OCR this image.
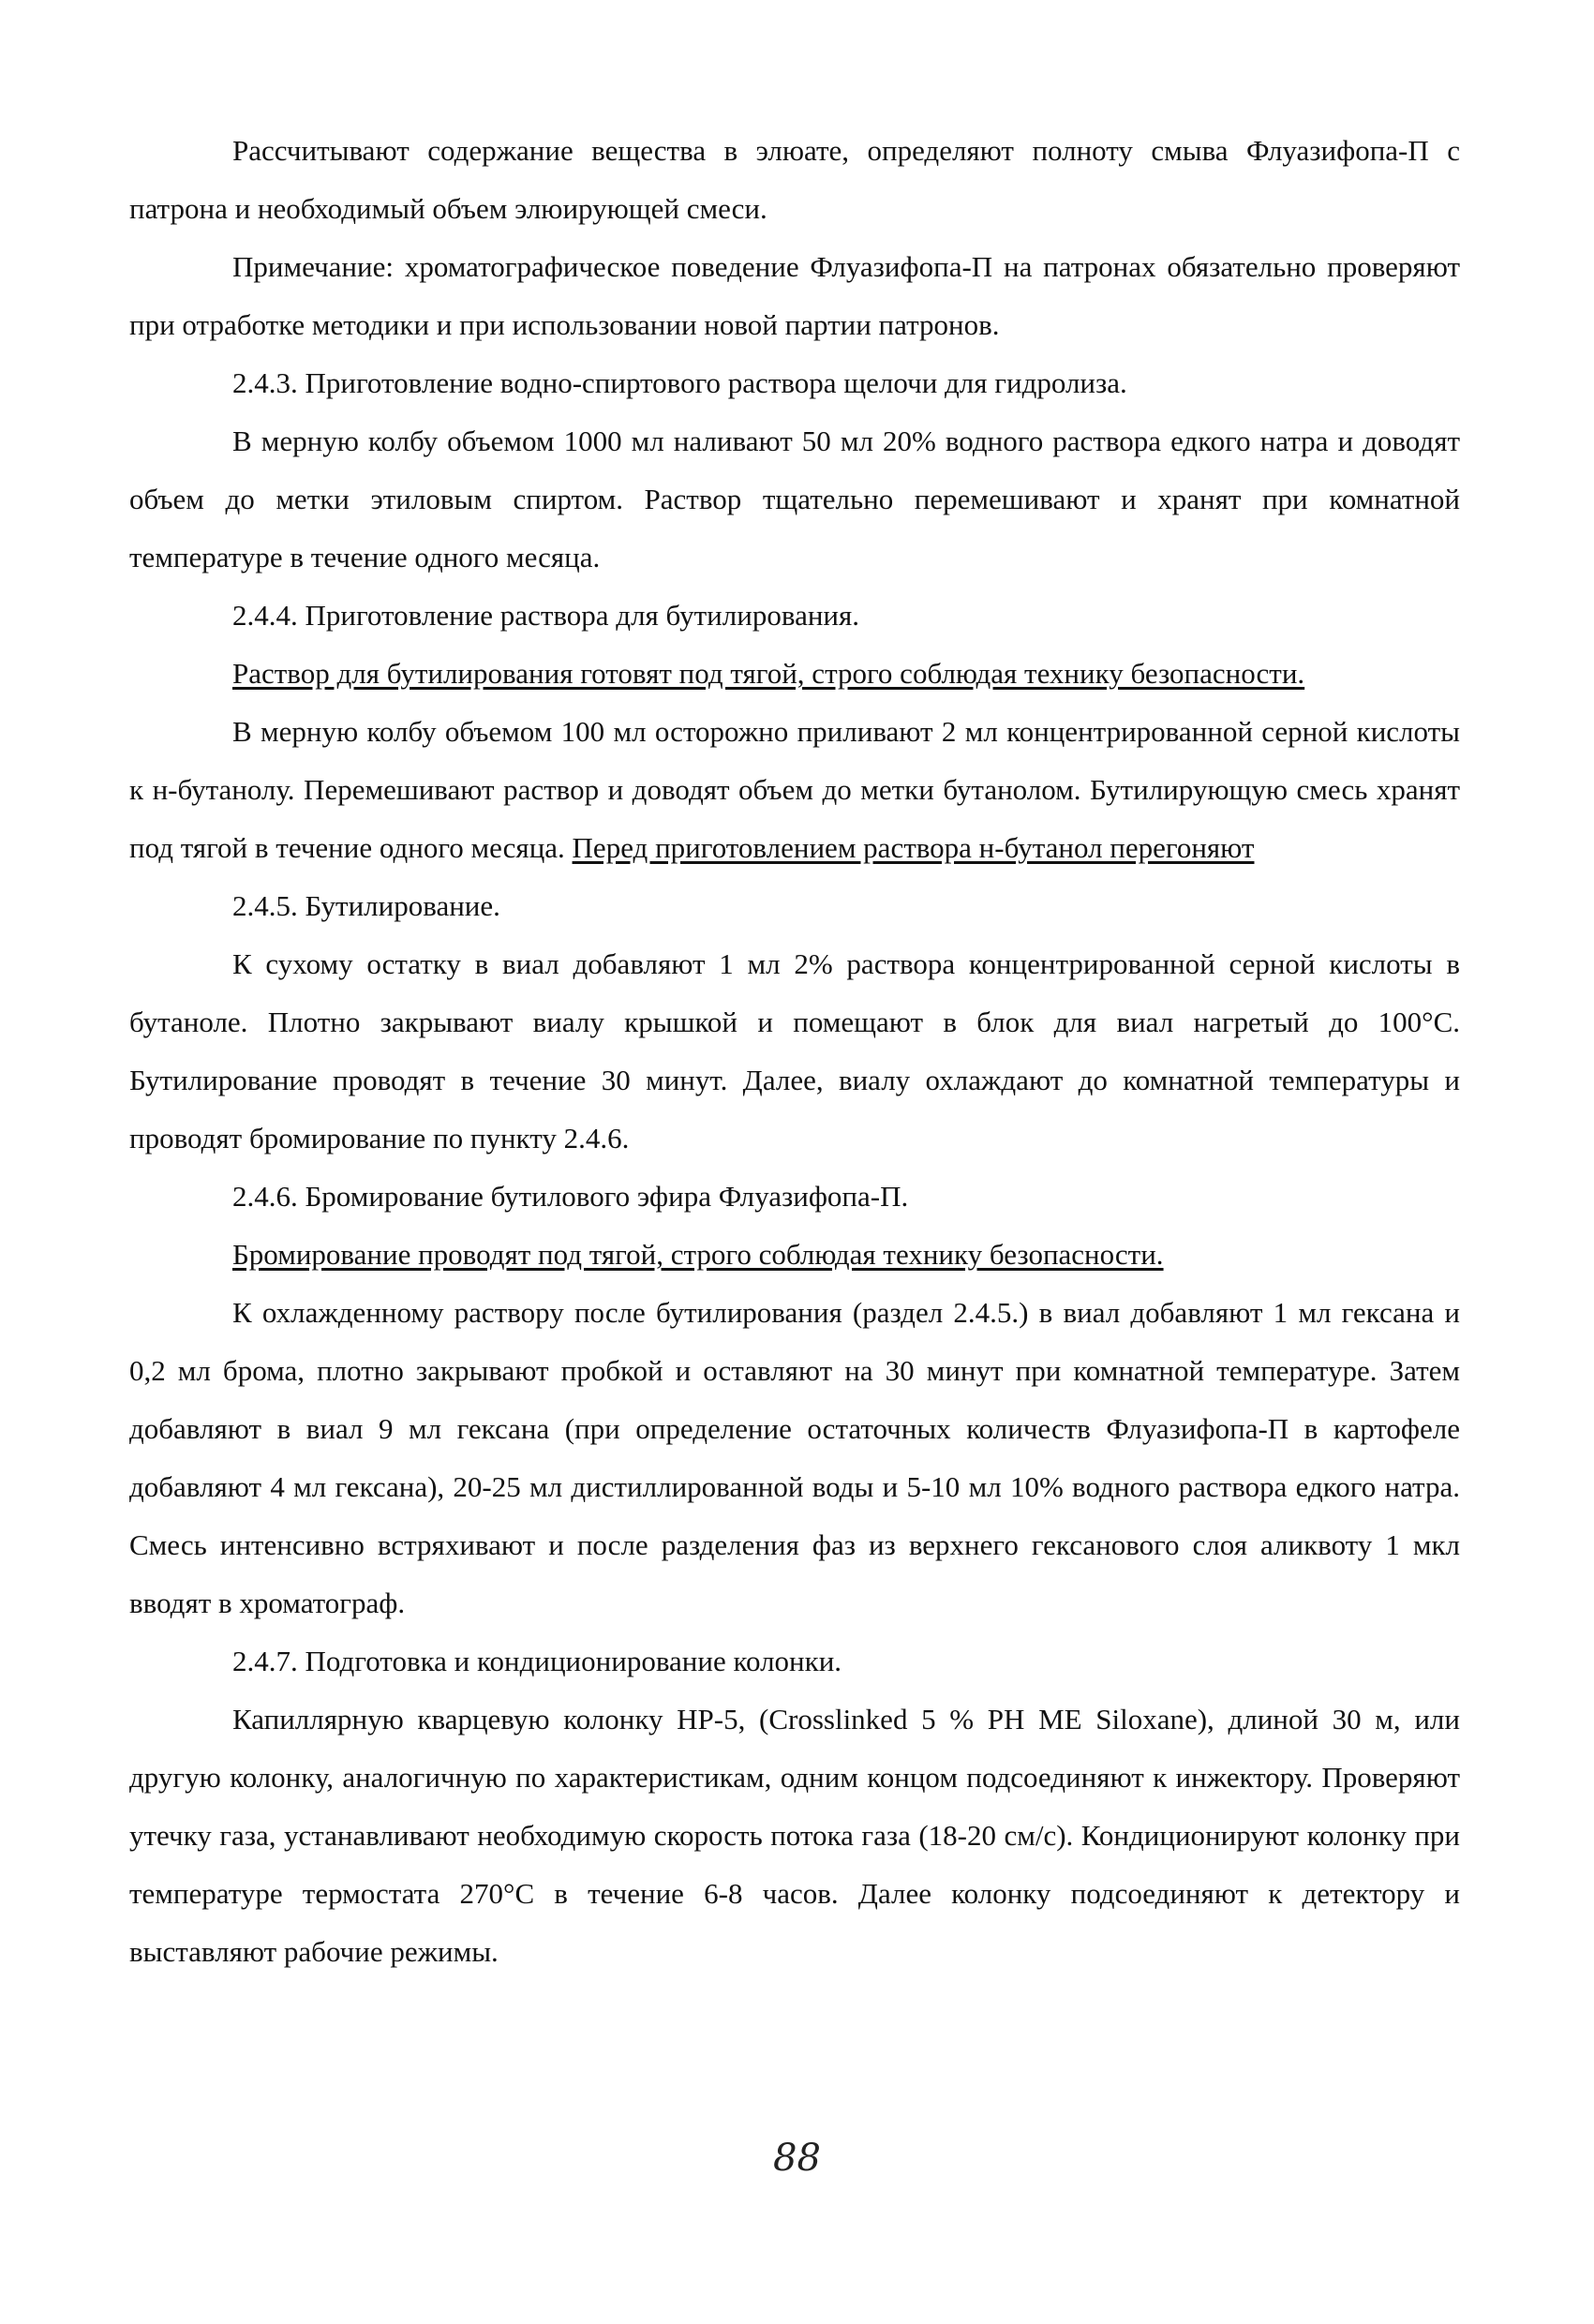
Рассчитывают содержание вещества в элюате, определяют полноту смыва Флуазифопа-П с патрона и необходимый объем элюирующей смеси.

Примечание: хроматографическое поведение Флуазифопа-П на патронах обязательно проверяют при отработке методики и при использовании новой партии патронов.

2.4.3. Приготовление водно-спиртового раствора щелочи для гидролиза.

В мерную колбу объемом 1000 мл наливают 50 мл 20% водного раствора едкого натра и доводят объем до метки этиловым спиртом. Раствор тщательно перемешивают и хранят при комнатной температуре в течение одного месяца.

2.4.4. Приготовление раствора для бутилирования.

Раствор для бутилирования готовят под тягой, строго соблюдая технику безопасности.

В мерную колбу объемом 100 мл осторожно приливают 2 мл концентрированной серной кислоты к н-бутанолу. Перемешивают раствор и доводят объем до метки бутанолом. Бутилирующую смесь хранят под тягой в течение одного месяца. Перед приготовлением раствора н-бутанол перегоняют

2.4.5. Бутилирование.

К сухому остатку в виал добавляют 1 мл 2% раствора концентрированной серной кислоты в бутаноле. Плотно закрывают виалу крышкой и помещают в блок для виал нагретый до 100°С. Бутилирование проводят в течение 30 минут. Далее, виалу охлаждают до комнатной температуры и проводят бромирование по пункту 2.4.6.

2.4.6. Бромирование бутилового эфира Флуазифопа-П.

Бромирование проводят под тягой, строго соблюдая технику безопасности.

К охлажденному раствору после бутилирования (раздел 2.4.5.) в виал добавляют 1 мл гексана и 0,2 мл брома, плотно закрывают пробкой и оставляют на 30 минут при комнатной температуре. Затем добавляют в виал 9 мл гексана (при определение остаточных количеств Флуазифопа-П в картофеле добавляют 4 мл гексана), 20-25 мл дистиллированной воды и 5-10 мл 10% водного раствора едкого натра. Смесь интенсивно встряхивают и после разделения фаз из верхнего гексанового слоя аликвоту 1 мкл вводят в хроматограф.

2.4.7. Подготовка и кондиционирование колонки.

Капиллярную кварцевую колонку НР-5, (Crosslinked 5 % PH ME Siloxane), длиной 30 м, или другую колонку, аналогичную по характеристикам, одним концом подсоединяют к инжектору. Проверяют утечку газа, устанавливают необходимую скорость потока газа (18-20 см/с). Кондиционируют колонку при температуре термостата 270°С в течение 6-8 часов. Далее колонку подсоединяют к детектору и выставляют рабочие режимы.

88
